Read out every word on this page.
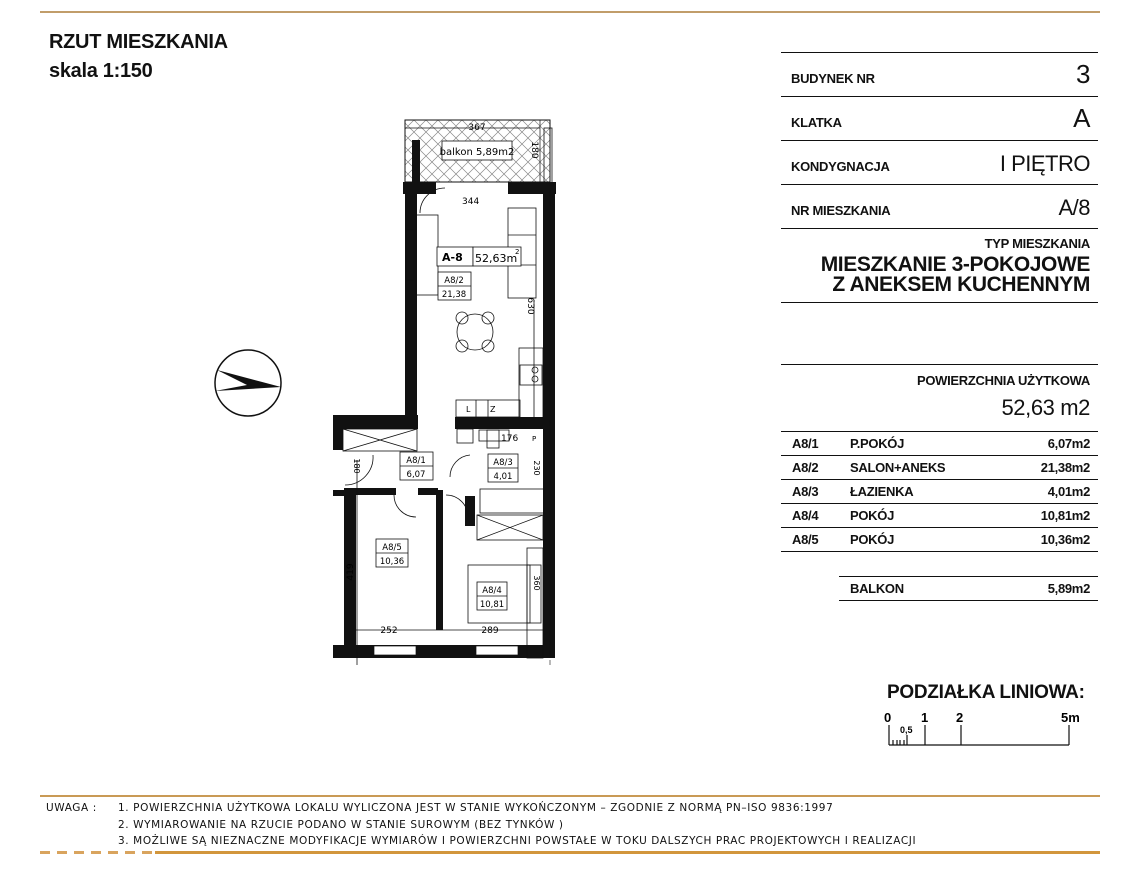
RZUT MIESZKANIA
skala 1:150
balkon 5,89m2
367
180
L Z
344
630
A-8 52,63m
2
A8/2
21,38
A8/1
6,07
A8/3
4,01
A8/5
10,36
A8/4
10,81
176 P
230
180
419
252	289
360
BUDYNEK NR	3
KLATKA	A
KONDYGNACJA	I PIĘTRO
NR MIESZKANIA	A/8
TYP MIESZKANIA
MIESZKANIE 3-POKOJOWE
Z ANEKSEM KUCHENNYM
POWIERZCHNIA UŻYTKOWA
52,63 m2
A8/1 P.POKÓJ	6,07m2
A8/2 SALON+ANEKS	21,38m2
A8/3 ŁAZIENKA	4,01m2
A8/4 POKÓJ	10,81m2
A8/5 POKÓJ	10,36m2
BALKON	5,89m2
PODZIAŁKA LINIOWA:
0
0,5
1 2	5m
UWAGA :	1. POWIERZCHNIA UŻYTKOWA LOKALU WYLICZONA JEST W STANIE WYKOŃCZONYM – ZGODNIE Z NORMĄ PN–ISO 9836:1997
2. WYMIAROWANIE NA RZUCIE PODANO W STANIE SUROWYM (BEZ TYNKÓW )
3. MOŻLIWE SĄ NIEZNACZNE MODYFIKACJE WYMIARÓW I POWIERZCHNI POWSTAŁE W TOKU DALSZYCH PRAC PROJEKTOWYCH I REALIZACJI
